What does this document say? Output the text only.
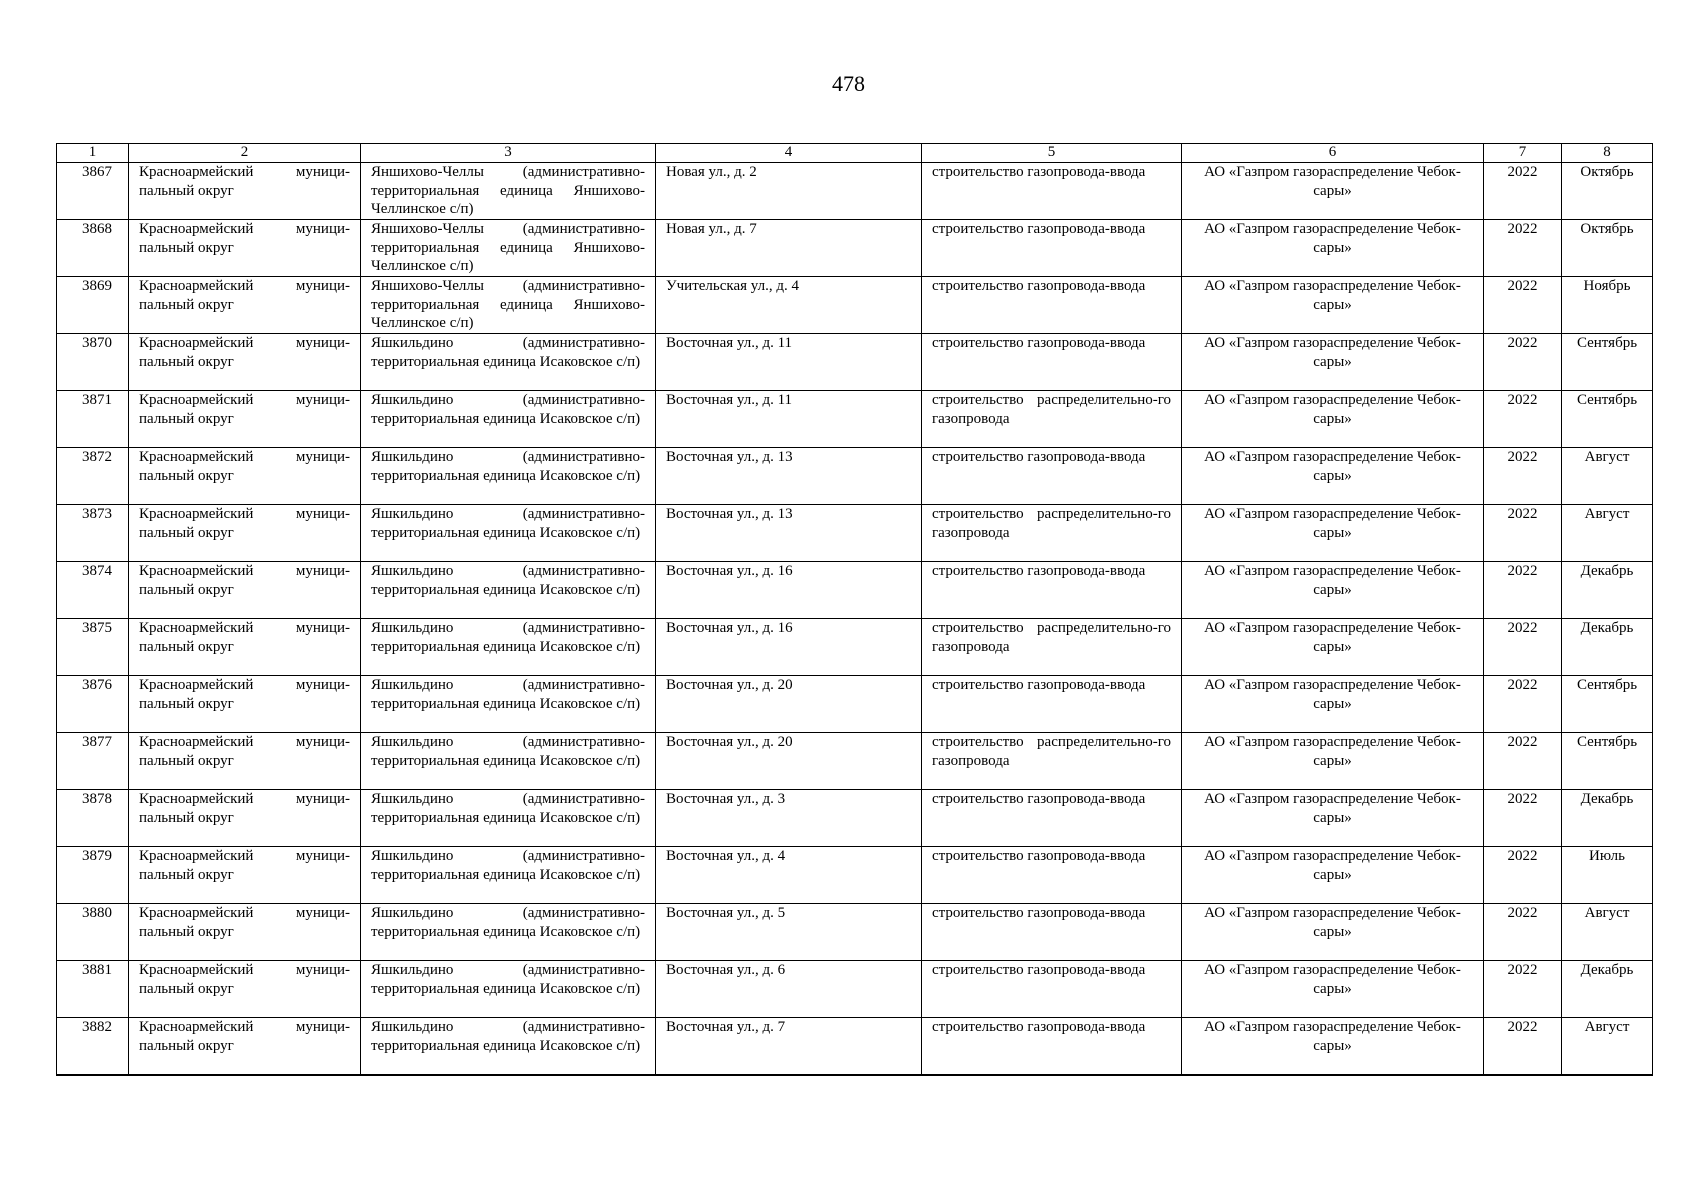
478
1	2	3	4	5	6	7	8
3867	Красноармейский муници-пальный округ	Яншихово-Челлы (административно-территориальная единица Яншихово-Челлинское с/п)	Новая ул., д. 2	строительство газопровода-ввода	АО «Газпром газораспределение Чебок-сары»	2022	Октябрь
3868	Красноармейский муници-пальный округ	Яншихово-Челлы (административно-территориальная единица Яншихово-Челлинское с/п)	Новая ул., д. 7	строительство газопровода-ввода	АО «Газпром газораспределение Чебок-сары»	2022	Октябрь
3869	Красноармейский муници-пальный округ	Яншихово-Челлы (административно-территориальная единица Яншихово-Челлинское с/п)	Учительская ул., д. 4	строительство газопровода-ввода	АО «Газпром газораспределение Чебок-сары»	2022	Ноябрь
3870	Красноармейский муници-пальный округ	Яшкильдино (административно-территориальная единица Исаковское с/п)	Восточная ул., д. 11	строительство газопровода-ввода	АО «Газпром газораспределение Чебок-сары»	2022	Сентябрь
3871	Красноармейский муници-пальный округ	Яшкильдино (административно-территориальная единица Исаковское с/п)	Восточная ул., д. 11	строительство распределительно-го газопровода	АО «Газпром газораспределение Чебок-сары»	2022	Сентябрь
3872	Красноармейский муници-пальный округ	Яшкильдино (административно-территориальная единица Исаковское с/п)	Восточная ул., д. 13	строительство газопровода-ввода	АО «Газпром газораспределение Чебок-сары»	2022	Август
3873	Красноармейский муници-пальный округ	Яшкильдино (административно-территориальная единица Исаковское с/п)	Восточная ул., д. 13	строительство распределительно-го газопровода	АО «Газпром газораспределение Чебок-сары»	2022	Август
3874	Красноармейский муници-пальный округ	Яшкильдино (административно-территориальная единица Исаковское с/п)	Восточная ул., д. 16	строительство газопровода-ввода	АО «Газпром газораспределение Чебок-сары»	2022	Декабрь
3875	Красноармейский муници-пальный округ	Яшкильдино (административно-территориальная единица Исаковское с/п)	Восточная ул., д. 16	строительство распределительно-го газопровода	АО «Газпром газораспределение Чебок-сары»	2022	Декабрь
3876	Красноармейский муници-пальный округ	Яшкильдино (административно-территориальная единица Исаковское с/п)	Восточная ул., д. 20	строительство газопровода-ввода	АО «Газпром газораспределение Чебок-сары»	2022	Сентябрь
3877	Красноармейский муници-пальный округ	Яшкильдино (административно-территориальная единица Исаковское с/п)	Восточная ул., д. 20	строительство распределительно-го газопровода	АО «Газпром газораспределение Чебок-сары»	2022	Сентябрь
3878	Красноармейский муници-пальный округ	Яшкильдино (административно-территориальная единица Исаковское с/п)	Восточная ул., д. 3	строительство газопровода-ввода	АО «Газпром газораспределение Чебок-сары»	2022	Декабрь
3879	Красноармейский муници-пальный округ	Яшкильдино (административно-территориальная единица Исаковское с/п)	Восточная ул., д. 4	строительство газопровода-ввода	АО «Газпром газораспределение Чебок-сары»	2022	Июль
3880	Красноармейский муници-пальный округ	Яшкильдино (административно-территориальная единица Исаковское с/п)	Восточная ул., д. 5	строительство газопровода-ввода	АО «Газпром газораспределение Чебок-сары»	2022	Август
3881	Красноармейский муници-пальный округ	Яшкильдино (административно-территориальная единица Исаковское с/п)	Восточная ул., д. 6	строительство газопровода-ввода	АО «Газпром газораспределение Чебок-сары»	2022	Декабрь
3882	Красноармейский муници-пальный округ	Яшкильдино (административно-территориальная единица Исаковское с/п)	Восточная ул., д. 7	строительство газопровода-ввода	АО «Газпром газораспределение Чебок-сары»	2022	Август
